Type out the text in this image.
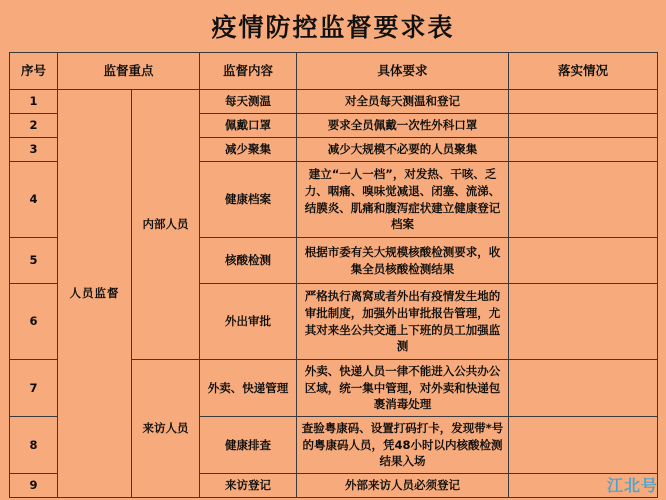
疫情防控监督要求表
序号	监督重点		监督内容	具体要求	落实情况
1	人员监督	内部人员	每天测温	对全员每天测温和登记	
2			佩戴口罩	要求全员佩戴一次性外科口罩	
3			减少聚集	减少大规模不必要的人员聚集	
4			健康档案	建立“一人一档”，对发热、干咳、乏力、咽痛、嗅味觉减退、闭塞、流涕、结膜炎、肌痛和腹泻症状建立健康登记档案	
5			核酸检测	根据市委有关大规模核酸检测要求，收集全员核酸检测结果	
6			外出审批	严格执行离窝或者外出有疫情发生地的审批制度，加强外出审批报告管理，尤其对来坐公共交通上下班的员工加强监测	
7		来访人员	外卖、快递管理	外卖、快递人员一律不能进入公共办公区域，统一集中管理，对外卖和快递包裹消毒处理	
8			健康排查	查验粤康码、设置打码打卡，发现带*号的粤康码人员，凭48小时以内核酸检测结果入场	
9			来访登记	外部来访人员必须登记		江北号
